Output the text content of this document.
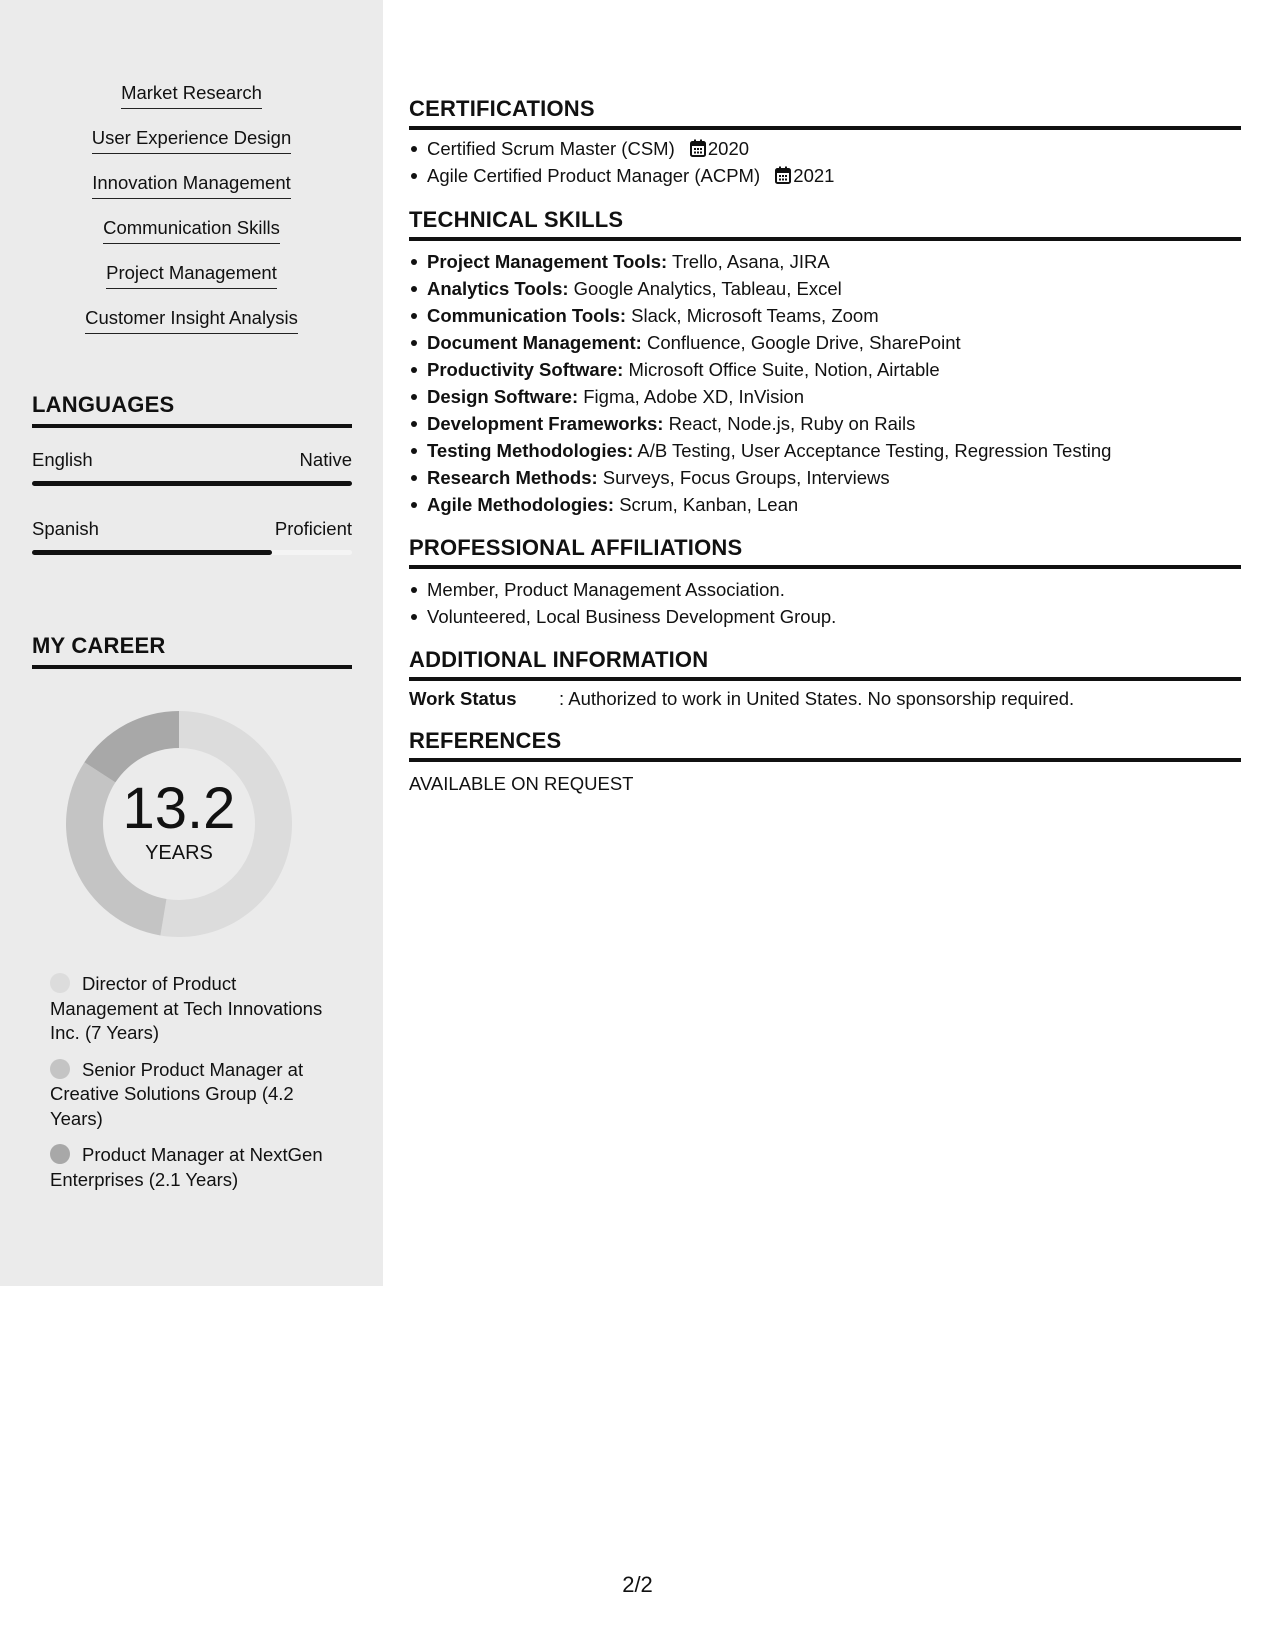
Market Research
User Experience Design
Innovation Management
Communication Skills
Project Management
Customer Insight Analysis
LANGUAGES
English	Native
Spanish	Proficient
MY CAREER
13.2
YEARS
Director of Product Management at Tech Innovations Inc. (7 Years)
Senior Product Manager at Creative Solutions Group (4.2 Years)
Product Manager at NextGen Enterprises (2.1 Years)
CERTIFICATIONS
Certified Scrum Master (CSM) 2020
Agile Certified Product Manager (ACPM) 2021
TECHNICAL SKILLS
Project Management Tools: Trello, Asana, JIRA
Analytics Tools: Google Analytics, Tableau, Excel
Communication Tools: Slack, Microsoft Teams, Zoom
Document Management: Confluence, Google Drive, SharePoint
Productivity Software: Microsoft Office Suite, Notion, Airtable
Design Software: Figma, Adobe XD, InVision
Development Frameworks: React, Node.js, Ruby on Rails
Testing Methodologies: A/B Testing, User Acceptance Testing, Regression Testing
Research Methods: Surveys, Focus Groups, Interviews
Agile Methodologies: Scrum, Kanban, Lean
PROFESSIONAL AFFILIATIONS
Member, Product Management Association.
Volunteered, Local Business Development Group.
ADDITIONAL INFORMATION
Work Status : Authorized to work in United States. No sponsorship required.
REFERENCES
AVAILABLE ON REQUEST
2/2
